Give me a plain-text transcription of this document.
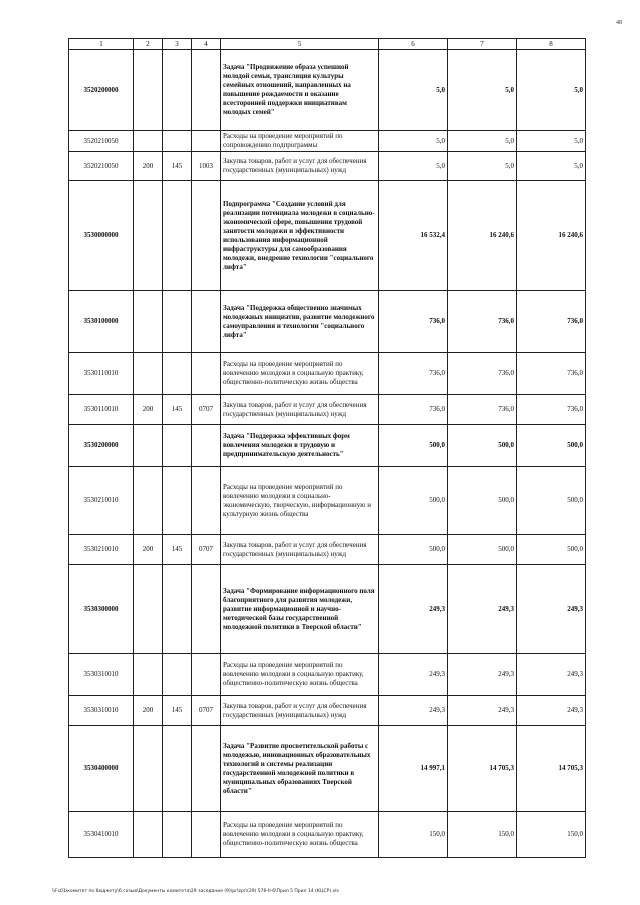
48
1	2	3	4	5	6	7	8
3520200000				Задача "Продвижение образа успешной молодой семьи, трансляция культуры семейных отношений, направленных на повышение рождаемости и оказание всесторонней поддержки инициативам молодых семей"	5,0	5,0	5,0
3520210050				Расходы на проведение мероприятий по сопровождению подпрограммы	5,0	5,0	5,0
3520210050	200	145	1003	Закупка товаров, работ и услуг для обеспечения государственных (муниципальных) нужд	5,0	5,0	5,0
3530000000				Подпрограмма "Создание условий для реализации потенциала молодежи в социально-экономической сфере, повышения трудовой занятости молодежи и эффективности использования информационной инфраструктуры для самообразования молодежи, внедрение технологии "социального лифта"	16 532,4	16 240,6	16 240,6
3530100000				Задача "Поддержка общественно значимых молодежных инициатив, развитие молодежного самоуправления и технологии "социального лифта"	736,0	736,0	736,0
3530110010				Расходы на проведение мероприятий по вовлечению молодежи в социальную практику, общественно-политическую жизнь общества	736,0	736,0	736,0
3530110010	200	145	0707	Закупка товаров, работ и услуг для обеспечения государственных (муниципальных) нужд	736,0	736,0	736,0
3530200000				Задача "Поддержка эффективных форм вовлечения молодежи в трудовую и предпринимательскую деятельность"	500,0	500,0	500,0
3530210010				Расходы на проведение мероприятий по вовлечению молодежи в социально-экономическую, творческую, информационную и культурную жизнь общества	500,0	500,0	500,0
3530210010	200	145	0707	Закупка товаров, работ и услуг для обеспечения государственных (муниципальных) нужд	500,0	500,0	500,0
3530300000				Задача "Формирование информационного поля благоприятного для развития молодежи, развитие информационной и научно-методической базы государственной молодежной политики в Тверской области"	249,3	249,3	249,3
3530310010				Расходы на проведение мероприятий по вовлечению молодежи в социальную практику, общественно-политическую жизнь общества	249,3	249,3	249,3
3530310010	200	145	0707	Закупка товаров, работ и услуг для обеспечения государственных (муниципальных) нужд	249,3	249,3	249,3
3530400000				Задача "Развитие просветительской работы с молодежью, инновационных образовательных технологий и системы реализации государственной молодежной политики в муниципальных образованиях Тверской области"	14 997,1	14 705,3	14 705,3
3530410010				Расходы на проведение мероприятий по вовлечению молодежи в социальную практику, общественно-политическую жизнь общества	150,0	150,0	150,0
\\Fs01\комитет по бюджету\6 созыв\Документы комитета\29 заседание (9)\pr\zpr\(29) 576-II-6\Прил 5 Прил 14 (КЦСР).xls
